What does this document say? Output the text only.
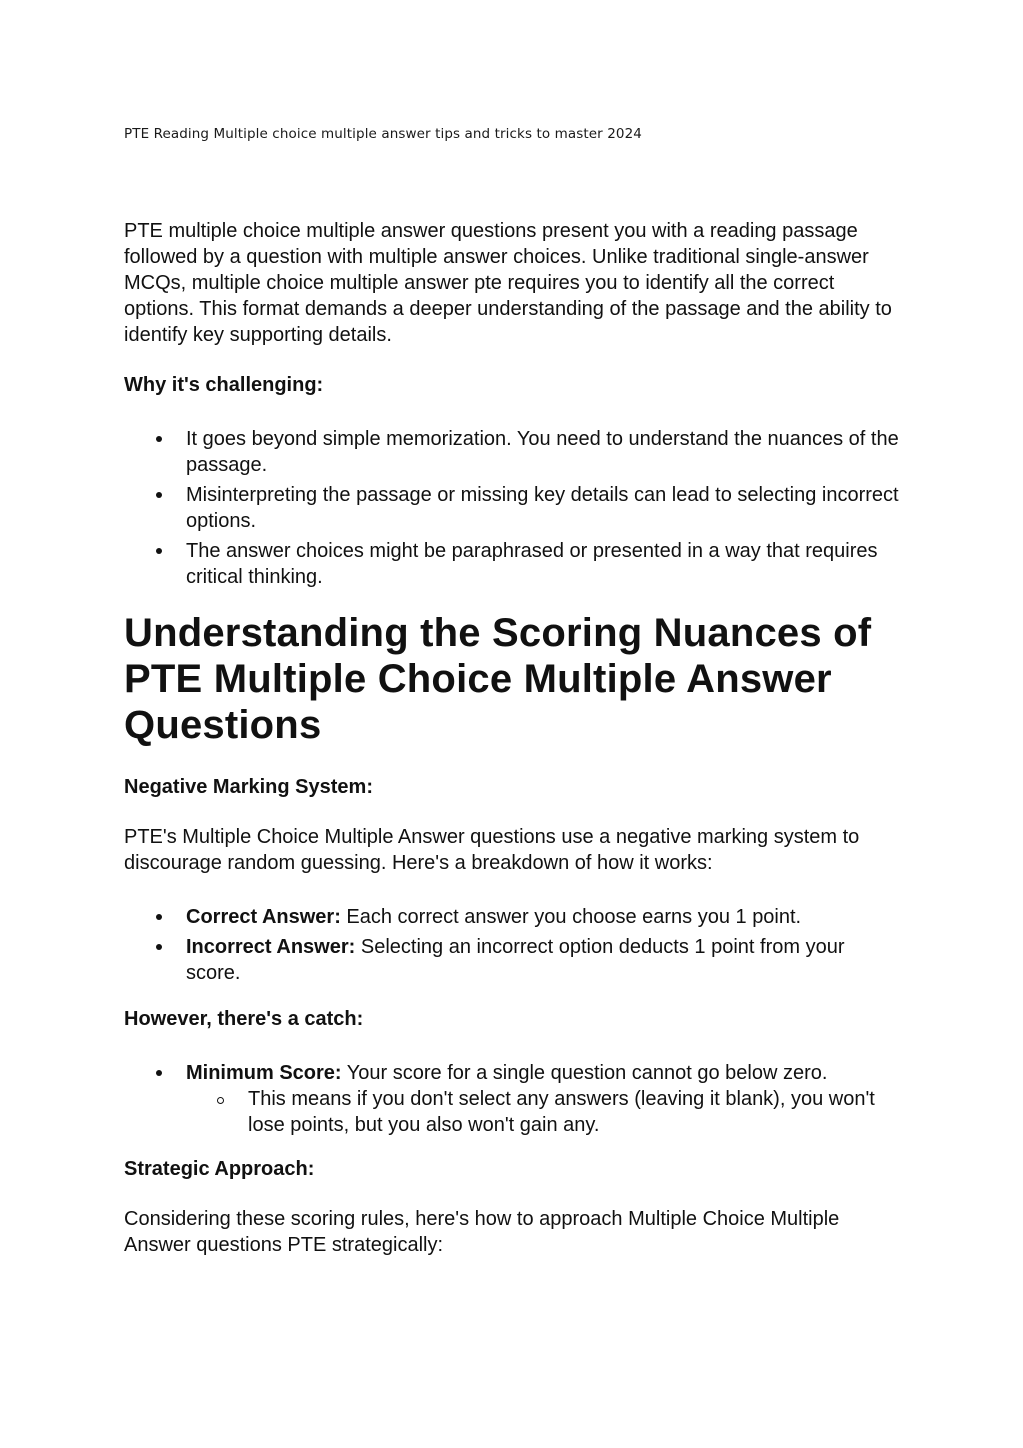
PTE Reading Multiple choice multiple answer tips and tricks to master 2024

PTE multiple choice multiple answer questions present you with a reading passage followed by a question with multiple answer choices. Unlike traditional single-answer MCQs, multiple choice multiple answer pte requires you to identify all the correct options. This format demands a deeper understanding of the passage and the ability to identify key supporting details.

Why it's challenging:

It goes beyond simple memorization. You need to understand the nuances of the passage.
Misinterpreting the passage or missing key details can lead to selecting incorrect options.
The answer choices might be paraphrased or presented in a way that requires critical thinking.
Understanding the Scoring Nuances of PTE Multiple Choice Multiple Answer Questions

Negative Marking System:

PTE's Multiple Choice Multiple Answer questions use a negative marking system to discourage random guessing. Here's a breakdown of how it works:

Correct Answer: Each correct answer you choose earns you 1 point.
Incorrect Answer: Selecting an incorrect option deducts 1 point from your score.

However, there's a catch:

Minimum Score: Your score for a single question cannot go below zero.
This means if you don't select any answers (leaving it blank), you won't lose points, but you also won't gain any.

Strategic Approach:

Considering these scoring rules, here's how to approach Multiple Choice Multiple Answer questions PTE strategically:
